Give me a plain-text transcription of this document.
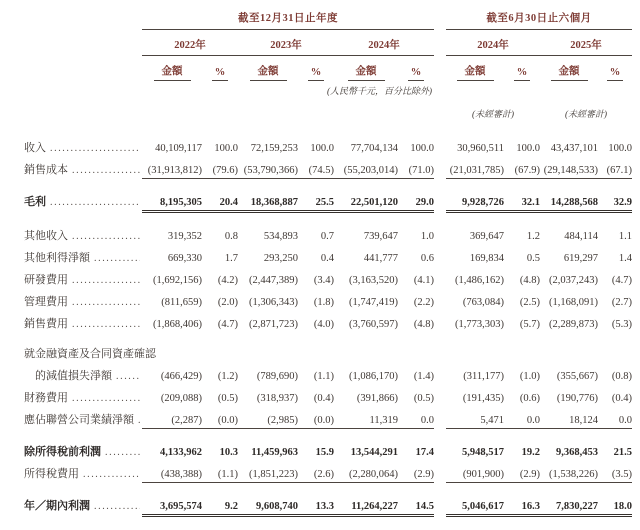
截至12月31日止年度	截至6月30日止六個月
2022年	2023年	2024年	2024年	2025年
金額	%	金額	%	金額	%	金額	%	金額	%
(人民幣千元，百分比除外)
(未經審計)	(未經審計)
收入 .....	40,109,117	100.0	72,159,253	100.0	77,704,134	100.0	30,960,511	100.0	43,437,101 100.0
銷售成本 .....	(31,913,812)	(79.6) (53,790,366)	(74.5) (55,203,014)	(71.0)	(21,031,785)	(67.9) (29,148,533) (67.1)
毛利 .....	8,195,305	20.4	18,368,887	25.5	22,501,120	29.0	9,928,726	32.1	14,288,568	32.9
其他收入 .....	319,352	0.8	534,893	0.7	739,647	1.0	369,647	1.2	484,114	1.1
其他利得淨額 .....	669,330	1.7	293,250	0.4	441,777	0.6	169,834	0.5	619,297	1.4
研發費用 .....	(1,692,156)	(4.2)	(2,447,389)	(3.4)	(3,163,520)	(4.1)	(1,486,162)	(4.8) (2,037,243)	(4.7)
管理費用 .....	(811,659)	(2.0)	(1,306,343)	(1.8)	(1,747,419)	(2.2)	(763,084)	(2.5) (1,168,091)	(2.7)
銷售費用 .....	(1,868,406)	(4.7)	(2,871,723)	(4.0)	(3,760,597)	(4.8)	(1,773,303)	(5.7) (2,289,873)	(5.3)
就金融資產及合同資產確認
的減值損失淨額 .....	(466,429)	(1.2)	(789,690)	(1.1)	(1,086,170)	(1.4)	(311,177)	(1.0)	(355,667)	(0.8)
財務費用 .....	(209,088)	(0.5)	(318,937)	(0.4)	(391,866)	(0.5)	(191,435)	(0.6)	(190,776)	(0.4)
應佔聯營公司業績淨額 .....	(2,287)	(0.0)	(2,985)	(0.0)	11,319	0.0	5,471	0.0	18,124	0.0
除所得稅前利潤 .....	4,133,962	10.3	11,459,963	15.9	13,544,291	17.4	5,948,517	19.2	9,368,453	21.5
所得稅費用 .....	(438,388)	(1.1)	(1,851,223)	(2.6)	(2,280,064)	(2.9)	(901,900)	(2.9) (1,538,226)	(3.5)
年／期內利潤 .....	3,695,574	9.2	9,608,740	13.3	11,264,227	14.5	5,046,617	16.3	7,830,227	18.0
